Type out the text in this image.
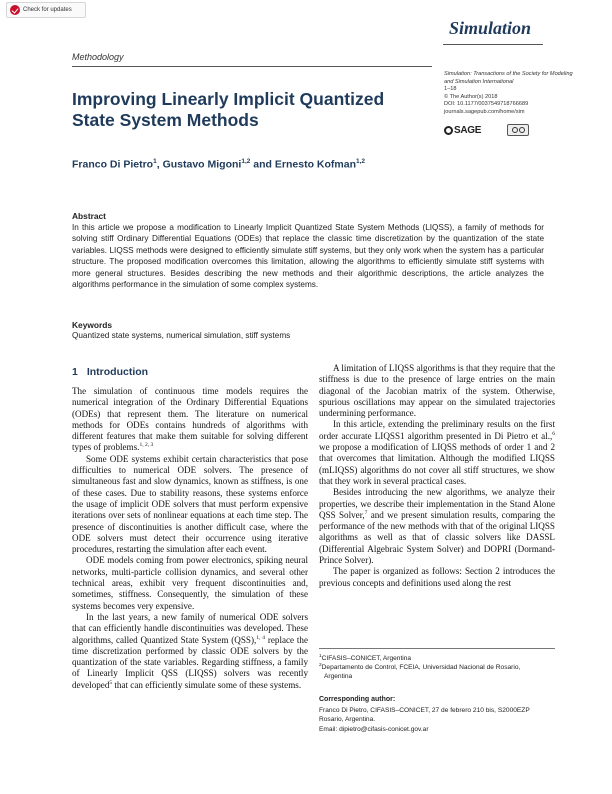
Check for updates
Simulation
Methodology
Simulation: Transactions of the Society for Modeling and Simulation International
1–18
© The Author(s) 2018
DOI: 10.1177/0037549718766689
journals.sagepub.com/home/sim
SAGE
Improving Linearly Implicit Quantized
State System Methods
Franco Di Pietro$^1$, Gustavo Migoni$^{1,2}$ and Ernesto Kofman$^{1,2}$
Abstract
In this article we propose a modification to Linearly Implicit Quantized State System Methods (LIQSS), a family of methods for solving stiff Ordinary Differential Equations (ODEs) that replace the classic time discretization by the quantization of the state variables. LIQSS methods were designed to efficiently simulate stiff systems, but they only work when the system has a particular structure. The proposed modification overcomes this limitation, allowing the algorithms to efficiently simulate stiff systems with more general structures. Besides describing the new methods and their algorithmic descriptions, the article analyzes the algorithms performance in the simulation of some complex systems.
Keywords
Quantized state systems, numerical simulation, stiff systems
1 Introduction

The simulation of continuous time models requires the numerical integration of the Ordinary Differential Equations (ODEs) that represent them. The literature on numerical methods for ODEs contains hundreds of algorithms with different features that make them suitable for solving different types of problems.$^{1, 2, 3}$

Some ODE systems exhibit certain characteristics that pose difficulties to numerical ODE solvers. The presence of simultaneous fast and slow dynamics, known as stiffness, is one of these cases. Due to stability reasons, these systems enforce the usage of implicit ODE solvers that must perform expensive iterations over sets of nonlinear equations at each time step. The presence of discontinuities is another difficult case, where the ODE solvers must detect their occurrence using iterative procedures, restarting the simulation after each event.

ODE models coming from power electronics, spiking neural networks, multi-particle collision dynamics, and several other technical areas, exhibit very frequent discontinuities and, sometimes, stiffness. Consequently, the simulation of these systems becomes very expensive.

In the last years, a new family of numerical ODE solvers that can efficiently handle discontinuities was developed. These algorithms, called Quantized State System (QSS),$^{1, 4}$ replace the time discretization performed by classic ODE solvers by the quantization of the state variables. Regarding stiffness, a family of Linearly Implicit QSS (LIQSS) solvers was recently developed$^5$ that can efficiently simulate some of these systems.

A limitation of LIQSS algorithms is that they require that the stiffness is due to the presence of large entries on the main diagonal of the Jacobian matrix of the system. Otherwise, spurious oscillations may appear on the simulated trajectories undermining performance.

In this article, extending the preliminary results on the first order accurate LIQSS1 algorithm presented in Di Pietro et al.,$^6$ we propose a modification of LIQSS methods of order 1 and 2 that overcomes that limitation. Although the modified LIQSS (mLIQSS) algorithms do not cover all stiff structures, we show that they work in several practical cases.

Besides introducing the new algorithms, we analyze their properties, we describe their implementation in the Stand Alone QSS Solver,$^7$ and we present simulation results, comparing the performance of the new methods with that of the original LIQSS algorithms as well as that of classic solvers like DASSL (Differential Algebraic System Solver) and DOPRI (Dormand-Prince Solver).

The paper is organized as follows: Section 2 introduces the previous concepts and definitions used along the rest

$^1$CIFASIS–CONICET, Argentina
$^2$Departamento de Control, FCEIA, Universidad Nacional de Rosario,
Argentina
Corresponding author:
Franco Di Pietro, CIFASIS–CONICET, 27 de febrero 210 bis, S2000EZP
Rosario, Argentina.
Email: dipietro@cifasis-conicet.gov.ar
